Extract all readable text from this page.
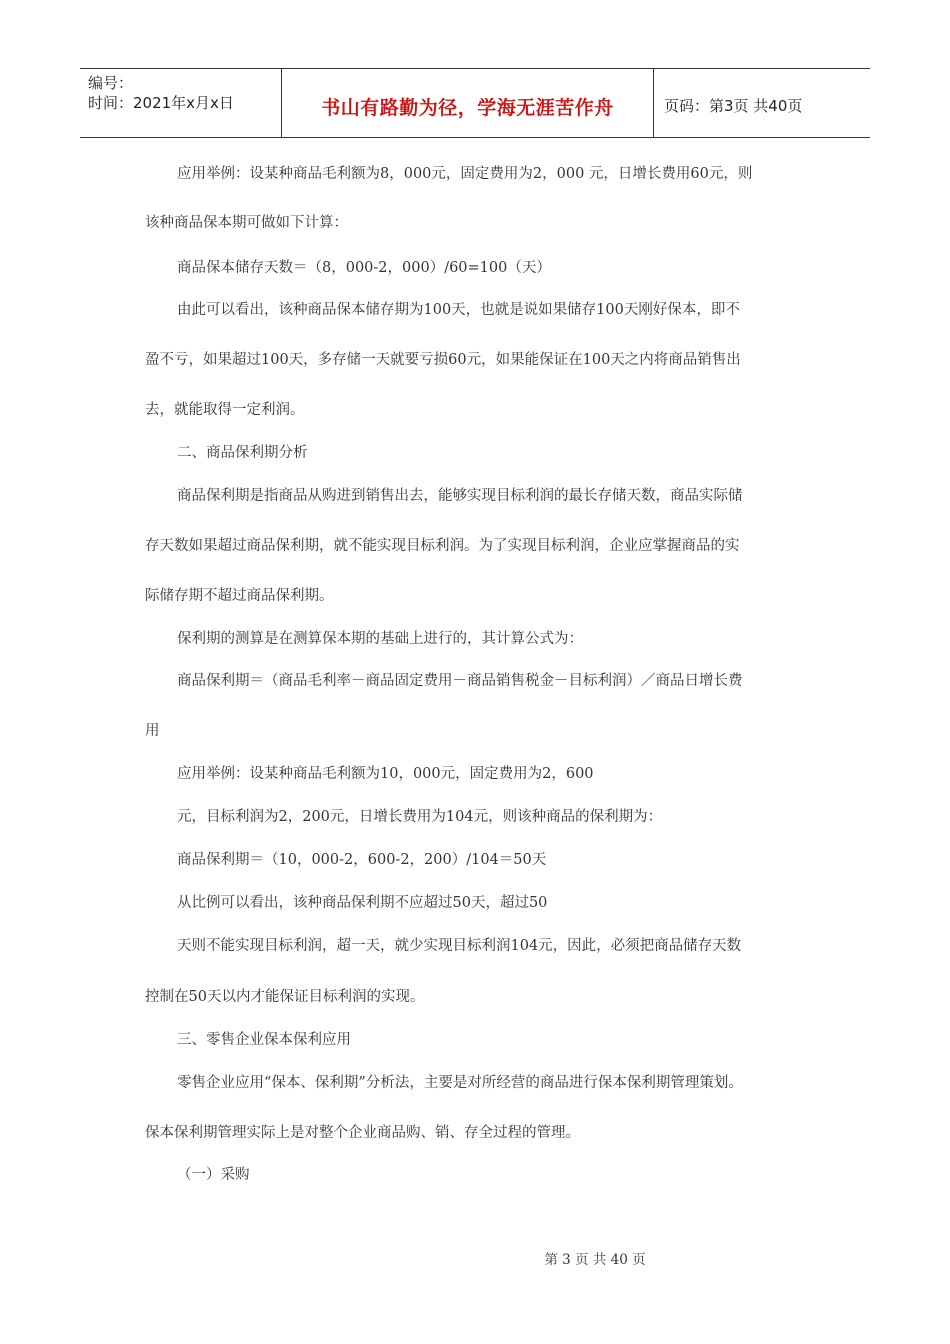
编号：
时间：2021年x月x日	书山有路勤为径，学海无涯苦作舟	页码：第3页 共40页
应用举例：设某种商品毛利额为8，000元，固定费用为2，000 元，日增长费用60元，则
该种商品保本期可做如下计算：
商品保本储存天数＝（8，000-2，000）/60=100（天）
由此可以看出，该种商品保本储存期为100天，也就是说如果储存100天刚好保本，即不
盈不亏，如果超过100天，多存储一天就要亏损60元，如果能保证在100天之内将商品销售出
去，就能取得一定利润。
二、商品保利期分析
商品保利期是指商品从购进到销售出去，能够实现目标利润的最长存储天数，商品实际储
存天数如果超过商品保利期，就不能实现目标利润。为了实现目标利润，企业应掌握商品的实
际储存期不超过商品保利期。
保利期的测算是在测算保本期的基础上进行的，其计算公式为：
商品保利期＝（商品毛利率－商品固定费用－商品销售税金－目标利润）／商品日增长费
用
应用举例：设某种商品毛利额为10，000元，固定费用为2，600
元，目标利润为2，200元，日增长费用为104元，则该种商品的保利期为：
商品保利期＝（10，000-2，600-2，200）/104＝50天
从比例可以看出，该种商品保利期不应超过50天，超过50
天则不能实现目标利润，超一天，就少实现目标利润104元，因此，必须把商品储存天数
控制在50天以内才能保证目标利润的实现。
三、零售企业保本保利应用
零售企业应用“保本、保利期”分析法，主要是对所经营的商品进行保本保利期管理策划。
保本保利期管理实际上是对整个企业商品购、销、存全过程的管理。
（一）采购
第 3 页 共 40 页
